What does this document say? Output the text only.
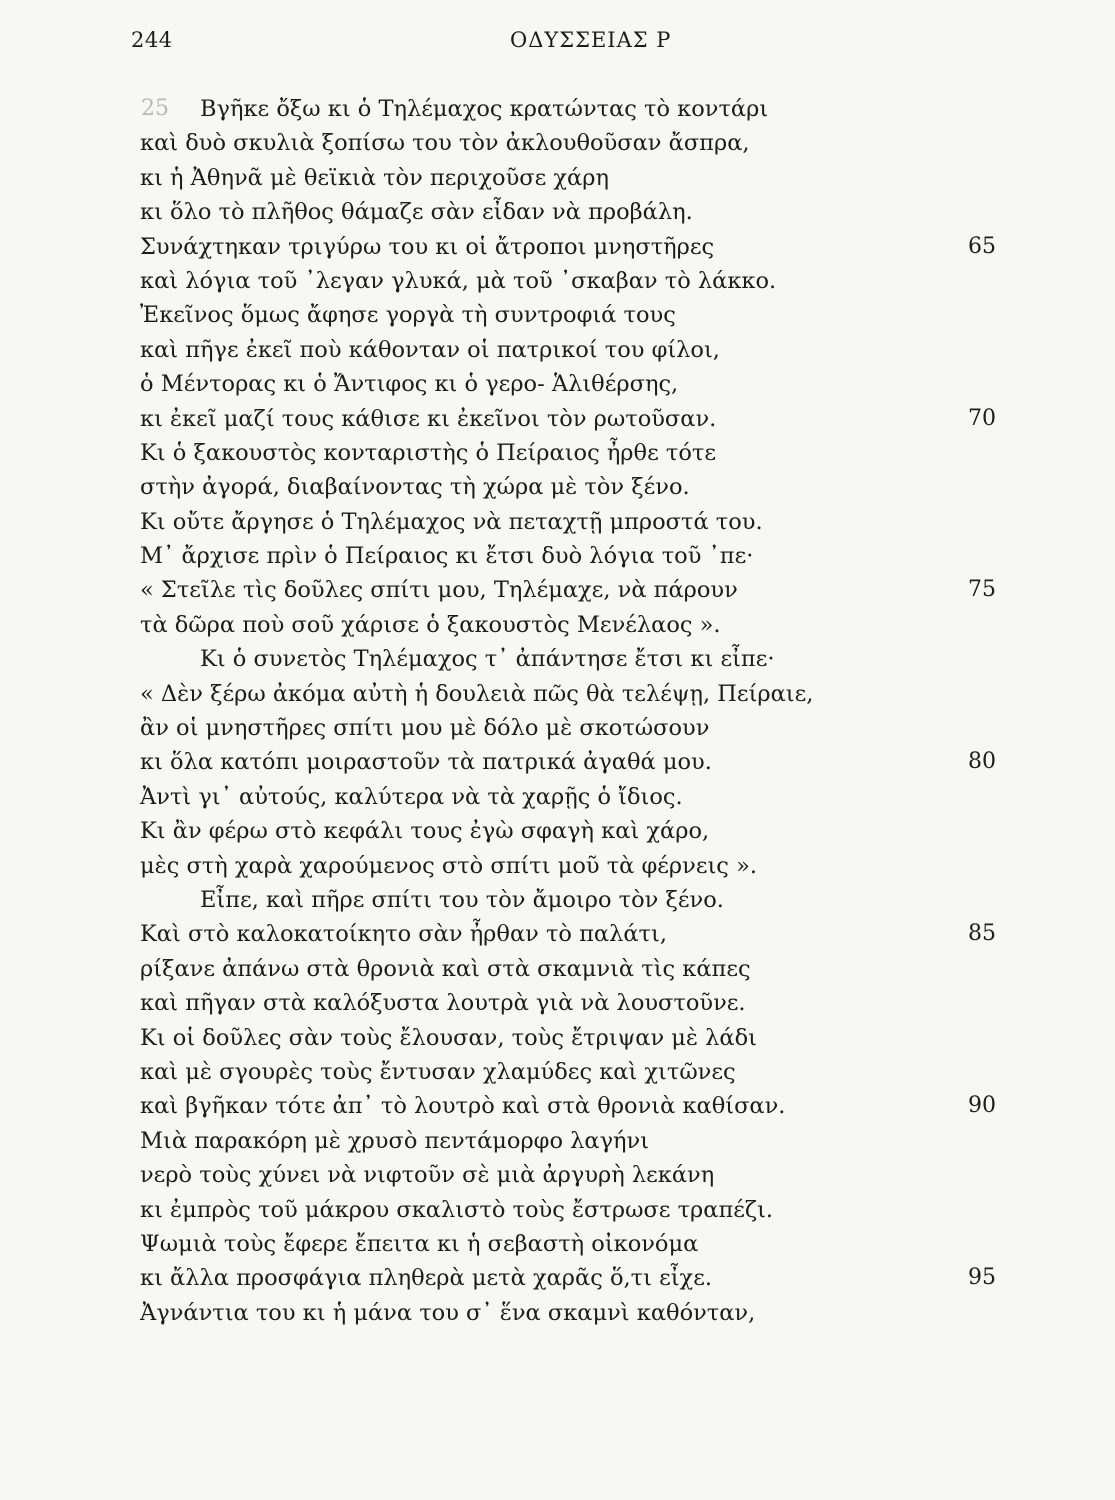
244	ΟΔΥΣΣΕΙΑΣ Ρ
25 Βγῆκε ὄξω κι ὁ Τηλέμαχος κρατώντας τὸ κοντάρι
καὶ δυὸ σκυλιὰ ξοπίσω του τὸν ἀκλουθοῦσαν ἄσπρα,
κι ἡ Ἀθηνᾶ μὲ θεϊκιὰ τὸν περιχοῦσε χάρη
κι ὅλο τὸ πλῆθος θάμαζε σὰν εἶδαν νὰ προβάλη.
Συνάχτηκαν τριγύρω του κι οἱ ἄτροποι μνηστῆρες	65
καὶ λόγια τοῦ ᾽λεγαν γλυκά, μὰ τοῦ ᾽σκαβαν τὸ λάκκο.
Ἐκεῖνος ὅμως ἄφησε γοργὰ τὴ συντροφιά τους
καὶ πῆγε ἐκεῖ ποὺ κάθονταν οἱ πατρικοί του φίλοι,
ὁ Μέντορας κι ὁ Ἄντιφος κι ὁ γερο- Ἁλιθέρσης,
κι ἐκεῖ μαζί τους κάθισε κι ἐκεῖνοι τὸν ρωτοῦσαν.	70
Κι ὁ ξακουστὸς κονταριστὴς ὁ Πείραιος ἦρθε τότε
στὴν ἀγορά, διαβαίνοντας τὴ χώρα μὲ τὸν ξένο.
Κι οὔτε ἄργησε ὁ Τηλέμαχος νὰ πεταχτῇ μπροστά του.
Μ᾽ ἄρχισε πρὶν ὁ Πείραιος κι ἔτσι δυὸ λόγια τοῦ ᾽πε·
« Στεῖλε τὶς δοῦλες σπίτι μου, Τηλέμαχε, νὰ πάρουν	75
τὰ δῶρα ποὺ σοῦ χάρισε ὁ ξακουστὸς Μενέλαος ».
Κι ὁ συνετὸς Τηλέμαχος τ᾽ ἀπάντησε ἔτσι κι εἶπε·
« Δὲν ξέρω ἀκόμα αὐτὴ ἡ δουλειὰ πῶς θὰ τελέψῃ, Πείραιε,
ἂν οἱ μνηστῆρες σπίτι μου μὲ δόλο μὲ σκοτώσουν
κι ὅλα κατόπι μοιραστοῦν τὰ πατρικά ἀγαθά μου.	80
Ἀντὶ γι᾽ αὐτούς, καλύτερα νὰ τὰ χαρῇς ὁ ἴδιος.
Κι ἂν φέρω στὸ κεφάλι τους ἐγὼ σφαγὴ καὶ χάρο,
μὲς στὴ χαρὰ χαρούμενος στὸ σπίτι μοῦ τὰ φέρνεις ».
Εἶπε, καὶ πῆρε σπίτι του τὸν ἄμοιρο τὸν ξένο.
Καὶ στὸ καλοκατοίκητο σὰν ἦρθαν τὸ παλάτι,	85
ρίξανε ἀπάνω στὰ θρονιὰ καὶ στὰ σκαμνιὰ τὶς κάπες
καὶ πῆγαν στὰ καλόξυστα λουτρὰ γιὰ νὰ λουστοῦνε.
Κι οἱ δοῦλες σὰν τοὺς ἔλουσαν, τοὺς ἔτριψαν μὲ λάδι
καὶ μὲ σγουρὲς τοὺς ἔντυσαν χλαμύδες καὶ χιτῶνες
καὶ βγῆκαν τότε ἀπ᾽ τὸ λουτρὸ καὶ στὰ θρονιὰ καθίσαν.	90
Μιὰ παρακόρη μὲ χρυσὸ πεντάμορφο λαγήνι
νερὸ τοὺς χύνει νὰ νιφτοῦν σὲ μιὰ ἀργυρὴ λεκάνη
κι ἐμπρὸς τοῦ μάκρου σκαλιστὸ τοὺς ἔστρωσε τραπέζι.
Ψωμιὰ τοὺς ἔφερε ἔπειτα κι ἡ σεβαστὴ οἰκονόμα
κι ἄλλα προσφάγια πληθερὰ μετὰ χαρᾶς ὅ,τι εἶχε.	95
Ἀγνάντια του κι ἡ μάνα του σ᾽ ἕνα σκαμνὶ καθόνταν,
